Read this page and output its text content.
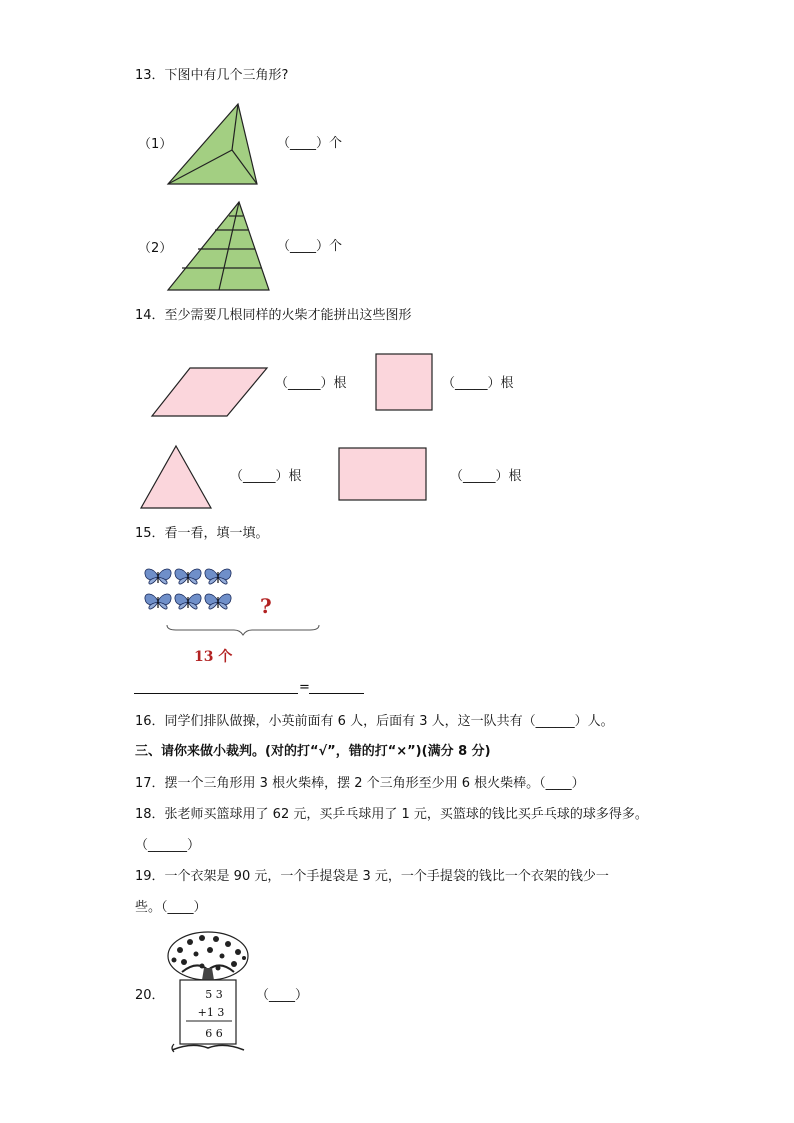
13．下图中有几个三角形?
（1）	（____）个
（2）	（____）个
14．至少需要几根同样的火柴才能拼出这些图形
（_____）根	（_____）根
（_____）根	（_____）根
15．看一看，填一填。
?
13 个
=
16．同学们排队做操，小英前面有 6 人，后面有 3 人，这一队共有（______）人。
三、请你来做小裁判。(对的打“√”，错的打“×”)(满分 8 分)
17．摆一个三角形用 3 根火柴棒，摆 2 个三角形至少用 6 根火柴棒。（____）
18．张老师买篮球用了 62 元，买乒乓球用了 1 元，买篮球的钱比买乒乓球的球多得多。
（______）
19．一个衣架是 90 元，一个手提袋是 3 元，一个手提袋的钱比一个衣架的钱少一
些。（____）
20．	5 3
+1 3
6 6
（____）
